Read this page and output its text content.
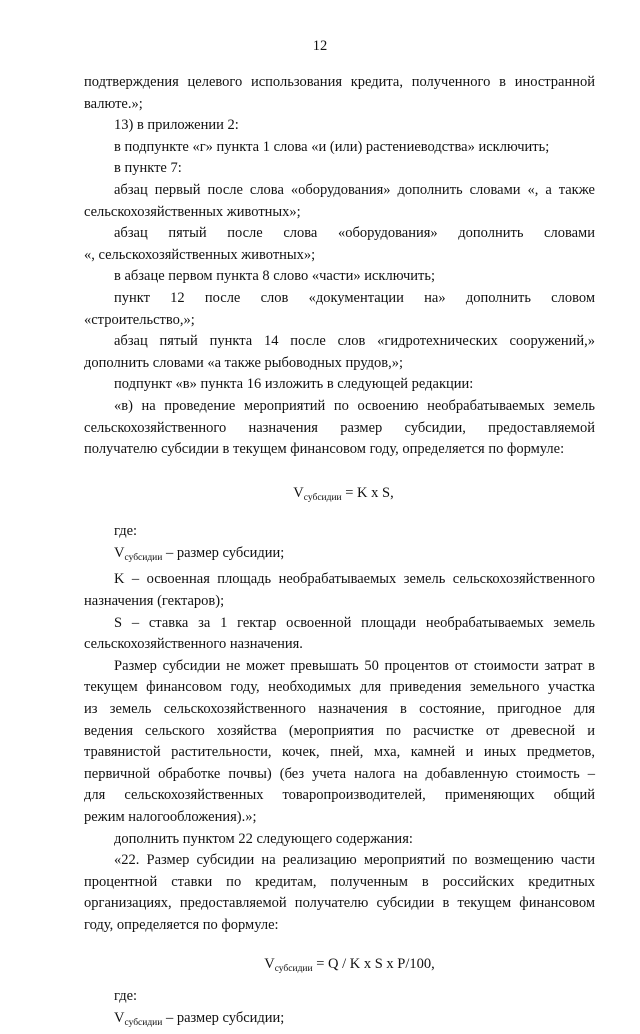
12

подтверждения целевого использования кредита, полученного в иностранной

валюте.»;

13) в приложении 2:

в подпункте «г» пункта 1 слова «и (или) растениеводства» исключить;

в пункте 7:

абзац первый после слова «оборудования» дополнить словами «, а также

сельскохозяйственных животных»;

абзац пятый после слова «оборудования» дополнить словами

«, сельскохозяйственных животных»;

в абзаце первом пункта 8 слово «части» исключить;

пункт 12 после слов «документации на» дополнить словом

«строительство,»;

абзац пятый пункта 14 после слов «гидротехнических сооружений,»

дополнить словами «а также рыбоводных прудов,»;

подпункт «в» пункта 16 изложить в следующей редакции:

«в) на проведение мероприятий по освоению необрабатываемых земель

сельскохозяйственного назначения размер субсидии, предоставляемой

получателю субсидии в текущем финансовом году, определяется по формуле:

$V_{субсидии} = K$ x S,

где:

$V_{субсидии}$ – размер субсидии;

K – освоенная площадь необрабатываемых земель сельскохозяйственного

назначения (гектаров);

S – ставка за 1 гектар освоенной площади необрабатываемых земель

сельскохозяйственного назначения.

Размер субсидии не может превышать 50 процентов от стоимости затрат в

текущем финансовом году, необходимых для приведения земельного участка

из земель сельскохозяйственного назначения в состояние, пригодное для

ведения сельского хозяйства (мероприятия по расчистке от древесной и

травянистой растительности, кочек, пней, мха, камней и иных предметов,

первичной обработке почвы) (без учета налога на добавленную стоимость –

для сельскохозяйственных товаропроизводителей, применяющих общий

режим налогообложения).»;

дополнить пунктом 22 следующего содержания:

«22. Размер субсидии на реализацию мероприятий по возмещению части

процентной ставки по кредитам, полученным в российских кредитных

организациях, предоставляемой получателю субсидии в текущем финансовом

году, определяется по формуле:

$V_{субсидии} = Q / K$ x S x P/100,

где:

$V_{субсидии}$ – размер субсидии;
